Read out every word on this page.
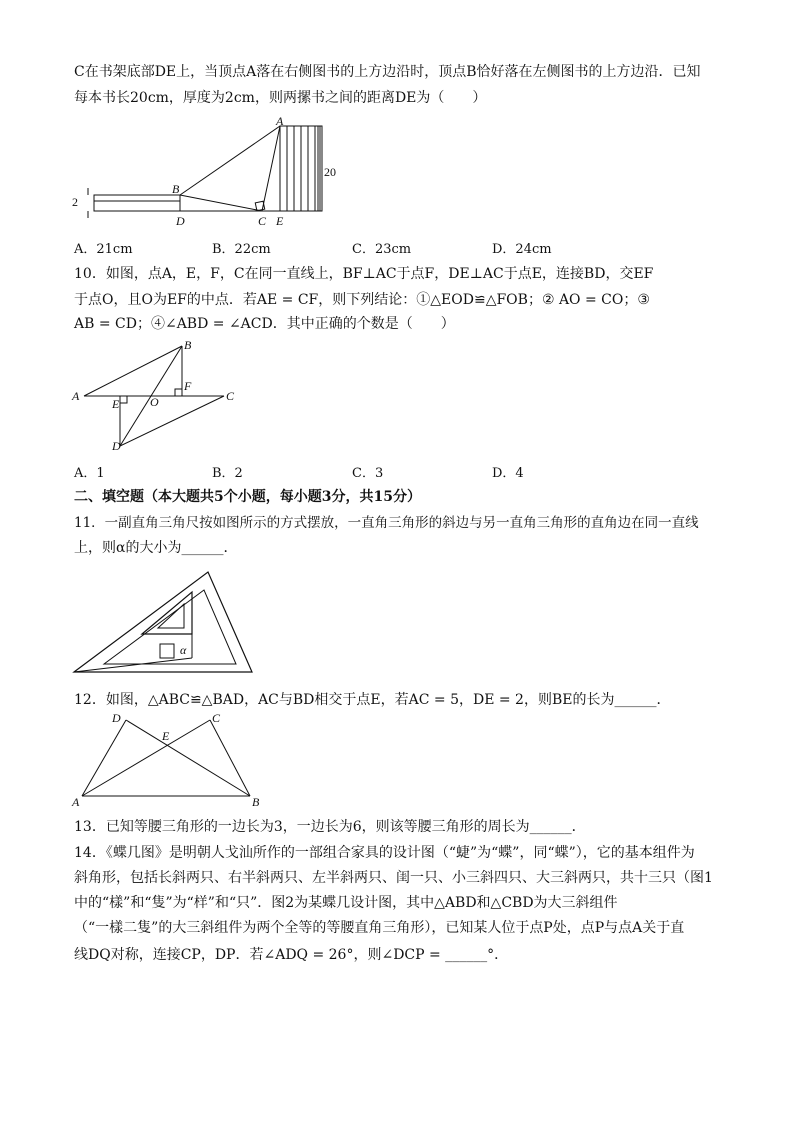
C在书架底部DE上，当顶点A落在右侧图书的上方边沿时，顶点B恰好落在左侧图书的上方边沿．已知
每本书长20cm，厚度为2cm，则两摞书之间的距离DE为（　　）
2
20
A
B
C
D	E
A．21cm	B．22cm	C．23cm	D．24cm
10．如图，点A，E，F，C在同一直线上，BF⊥AC于点F，DE⊥AC于点E，连接BD，交EF
于点O，且O为EF的中点．若AE = CF，则下列结论：①△EOD≌△FOB；② AO = CO；③
AB = CD；④∠ABD = ∠ACD．其中正确的个数是（　　）
A
B
C
D
E
F
O
A．1	B．2	C．3	D．4
二、填空题（本大题共5个小题，每小题3分，共15分）
11．一副直角三角尺按如图所示的方式摆放，一直角三角形的斜边与另一直角三角形的直角边在同一直线
上，则α的大小为______．
α
12．如图，△ABC≌△BAD，AC与BD相交于点E，若AC = 5，DE = 2，则BE的长为______．
A	B
C
D
E
13．已知等腰三角形的一边长为3，一边长为6，则该等腰三角形的周长为______．
14．《蝶几图》是明朝人戈汕所作的一部组合家具的设计图（“蜨”为“蝶”，同“蝶”），它的基本组件为
斜角形，包括长斜两只、右半斜两只、左半斜两只、闺一只、小三斜四只、大三斜两只，共十三只（图1
中的“樣”和“隻”为“样”和“只”．图2为某蝶几设计图，其中△ABD和△CBD为大三斜组件
（“一樣二隻”的大三斜组件为两个全等的等腰直角三角形），已知某人位于点P处，点P与点A关于直
线DQ对称，连接CP，DP．若∠ADQ = 26°，则∠DCP = ______°．
